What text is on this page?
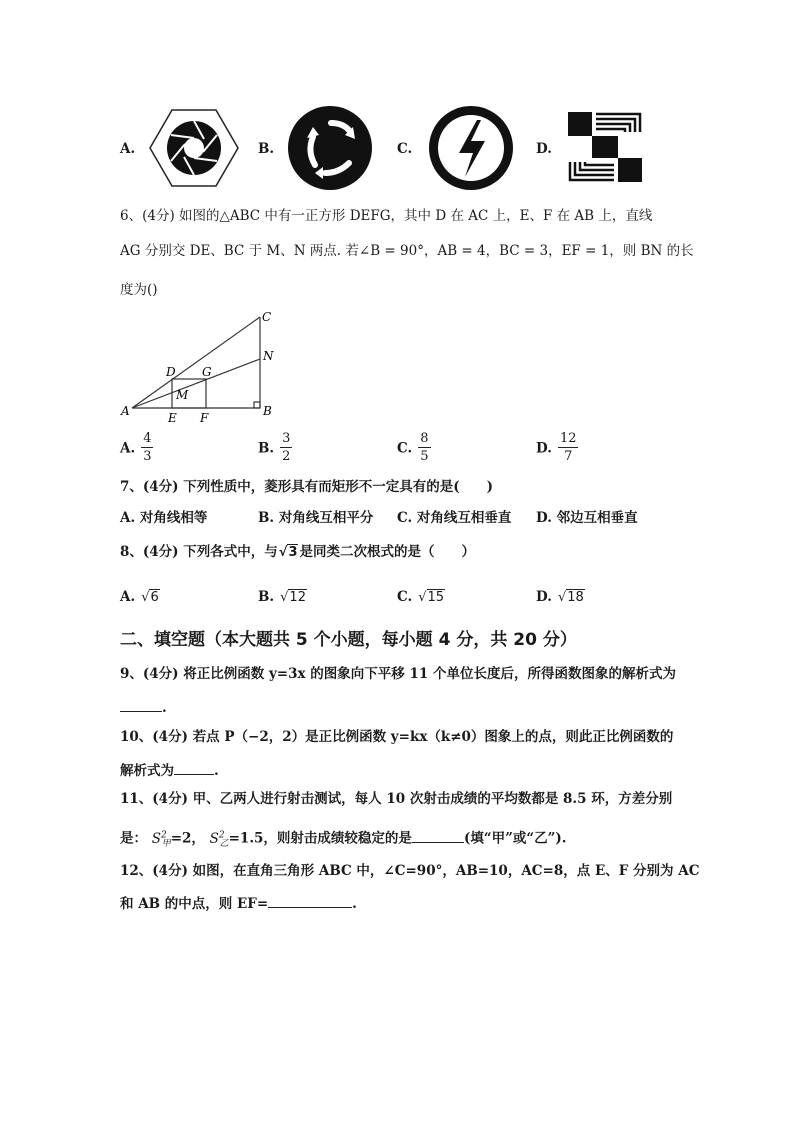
A.	B.	C.	D.
6、(4分) 如图的△ABC 中有一正方形 DEFG，其中 D 在 AC 上，E、F 在 AB 上，直线
AG 分别交 DE、BC 于 M、N 两点. 若∠B = 90°，AB = 4，BC = 3，EF = 1，则 BN 的长
度为()
A	B
C
D
E F
G
M
N
A. $\frac{4}{3}$	B. $\frac{3}{2}$	C. $\frac{8}{5}$	D. $\frac{12}{7}$
7、(4分) 下列性质中，菱形具有而矩形不一定具有的是(　　)
A. 对角线相等	B. 对角线互相平分 C. 对角线互相垂直 D. 邻边互相垂直
8、(4分) 下列各式中，与√3 是同类二次根式的是（　　）
A. √6	B. √12	C. √15	D. √18
二、填空题（本大题共 5 个小题，每小题 4 分，共 20 分）
9、(4分) 将正比例函数 y=3x 的图象向下平移 11 个单位长度后，所得函数图象的解析式为
.
10、(4分) 若点 P（−2，2）是正比例函数 y=kx（k≠0）图象上的点，则此正比例函数的
解析式为	.
11、(4分) 甲、乙两人进行射击测试，每人 10 次射击成绩的平均数都是 8.5 环，方差分别
是： $S^2_甲=2$， $S^2_乙=1.5$，则射击成绩较稳定的是	(填“甲”或“乙”).
12、(4分) 如图，在直角三角形 ABC 中，∠C=90°，AB=10，AC=8，点 E、F 分别为 AC
和 AB 的中点，则 EF=	.
